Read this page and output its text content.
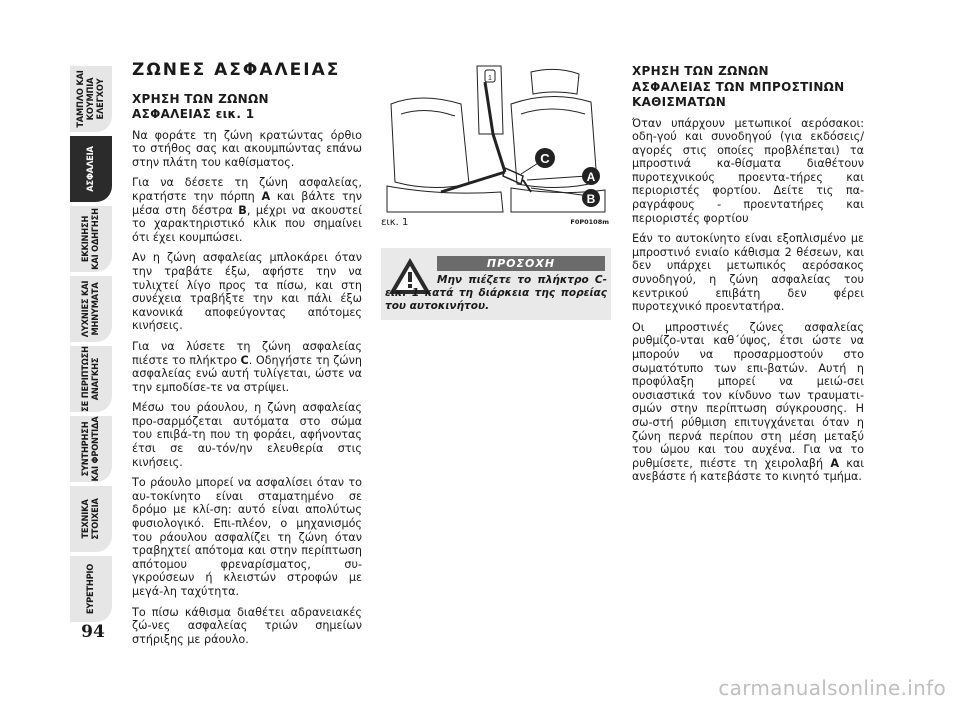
ΤΑΜΠΛΟ ΚΑΙ
ΚΟΥΜΠΙΑ
ΕΛΕΓΧΟΥ
ΑΣΦΑΛΕΙΑ
ΕΚΚΙΝΗΣΗ
ΚΑΙ ΟΔΗΓΗΣΗ
ΛΥΧΝΙΕΣ ΚΑΙ
ΜΗΝΥΜΑΤΑ
ΣΕ ΠΕΡΙΠΤΩΣΗ
ΑΝΑΓΚΗΣ
ΣΥΝΤΗΡΗΣΗ
ΚΑΙ ΦΡΟΝΤΙΔΑ
ΤΕΧΝΙΚΑ
ΣΤΟΙΧΕΙΑ
ΕΥΡΕΤΗΡΙΟ
94
ΖΩΝΕΣ ΑΣΦΑΛΕΙΑΣ
ΧΡΗΣΗ ΤΩΝ ΖΩΝΩΝ
ΑΣΦΑΛΕΙΑΣ εικ. 1

Να φοράτε τη ζώνη κρατώντας όρθιο το στήθος σας και ακουμπώντας επάνω στην πλάτη του καθίσματος.

Για να δέσετε τη ζώνη ασφαλείας, κρατήστε την πόρπη A και βάλτε την μέσα στη δέστρα B, μέχρι να ακουστεί το χαρακτηριστικό κλικ που σημαίνει ότι έχει κουμπώσει.

Αν η ζώνη ασφαλείας μπλοκάρει όταν την τραβάτε έξω, αφήστε την να τυλιχτεί λίγο προς τα πίσω, και στη συνέχεια τραβήξτε την και πάλι έξω κανονικά αποφεύγοντας απότομες κινήσεις.

Για να λύσετε τη ζώνη ασφαλείας πιέστε το πλήκτρο C. Οδηγήστε τη ζώνη ασφαλείας ενώ αυτή τυλίγεται, ώστε να την εμποδίσε-τε να στρίψει.

Μέσω του ράουλου, η ζώνη ασφαλείας προ-σαρμόζεται αυτόματα στο σώμα του επιβά-τη που τη φοράει, αφήνοντας έτσι σε αυ-τόν/ην ελευθερία στις κινήσεις.

Το ράουλο μπορεί να ασφαλίσει όταν το αυ-τοκίνητο είναι σταματημένο σε δρόμο με κλί-ση: αυτό είναι απολύτως φυσιολογικό. Επι-πλέον, ο μηχανισμός του ράουλου ασφαλίζει τη ζώνη όταν τραβηχτεί απότομα και στην περίπτωση απότομου φρεναρίσματος, συ-γκρούσεων ή κλειστών στροφών με μεγά-λη ταχύτητα.

Το πίσω κάθισμα διαθέτει αδρανειακές ζώ-νες ασφαλείας τριών σημείων στήριξης με ράουλο.

C
A
B
1
εικ. 1	F0P0108m
ΠΡΟΣΟΧΗ
Μην πιέζετε το πλήκτρο C-εικ. 1 κατά τη διάρκεια της πορείας του αυτοκινήτου.
ΧΡΗΣΗ ΤΩΝ ΖΩΝΩΝ
ΑΣΦΑΛΕΙΑΣ ΤΩΝ ΜΠΡΟΣΤΙΝΩΝ
ΚΑΘΙΣΜΑΤΩΝ

Όταν υπάρχουν μετωπικοί αερόσακοι: οδη-γού και συνοδηγού (για εκδόσεις/αγορές στις οποίες προβλέπεται) τα μπροστινά κα-θίσματα διαθέτουν πυροτεχνικούς προεντα-τήρες και περιοριστές φορτίου. Δείτε τις πα-ραγράφους - προεντατήρες και περιοριστές φορτίου

Εάν το αυτοκίνητο είναι εξοπλισμένο με μπροστινό ενιαίο κάθισμα 2 θέσεων, και δεν υπάρχει μετωπικός αερόσακος συνοδηγού, η ζώνη ασφαλείας του κεντρικού επιβάτη δεν φέρει πυροτεχνικό προεντατήρα.

Οι μπροστινές ζώνες ασφαλείας ρυθμίζο-νται καθ΄ύψος, έτσι ώστε να μπορούν να προσαρμοστούν στο σωματότυπο των επι-βατών. Αυτή η προφύλαξη μπορεί να μειώ-σει ουσιαστικά τον κίνδυνο των τραυματι-σμών στην περίπτωση σύγκρουσης. Η σω-στή ρύθμιση επιτυγχάνεται όταν η ζώνη περνά περίπου στη μέση μεταξύ του ώμου και του αυχένα. Για να το ρυθμίσετε, πιέστε τη χειρολαβή A και ανεβάστε ή κατεβάστε το κινητό τμήμα.

carmanualsonline.info
